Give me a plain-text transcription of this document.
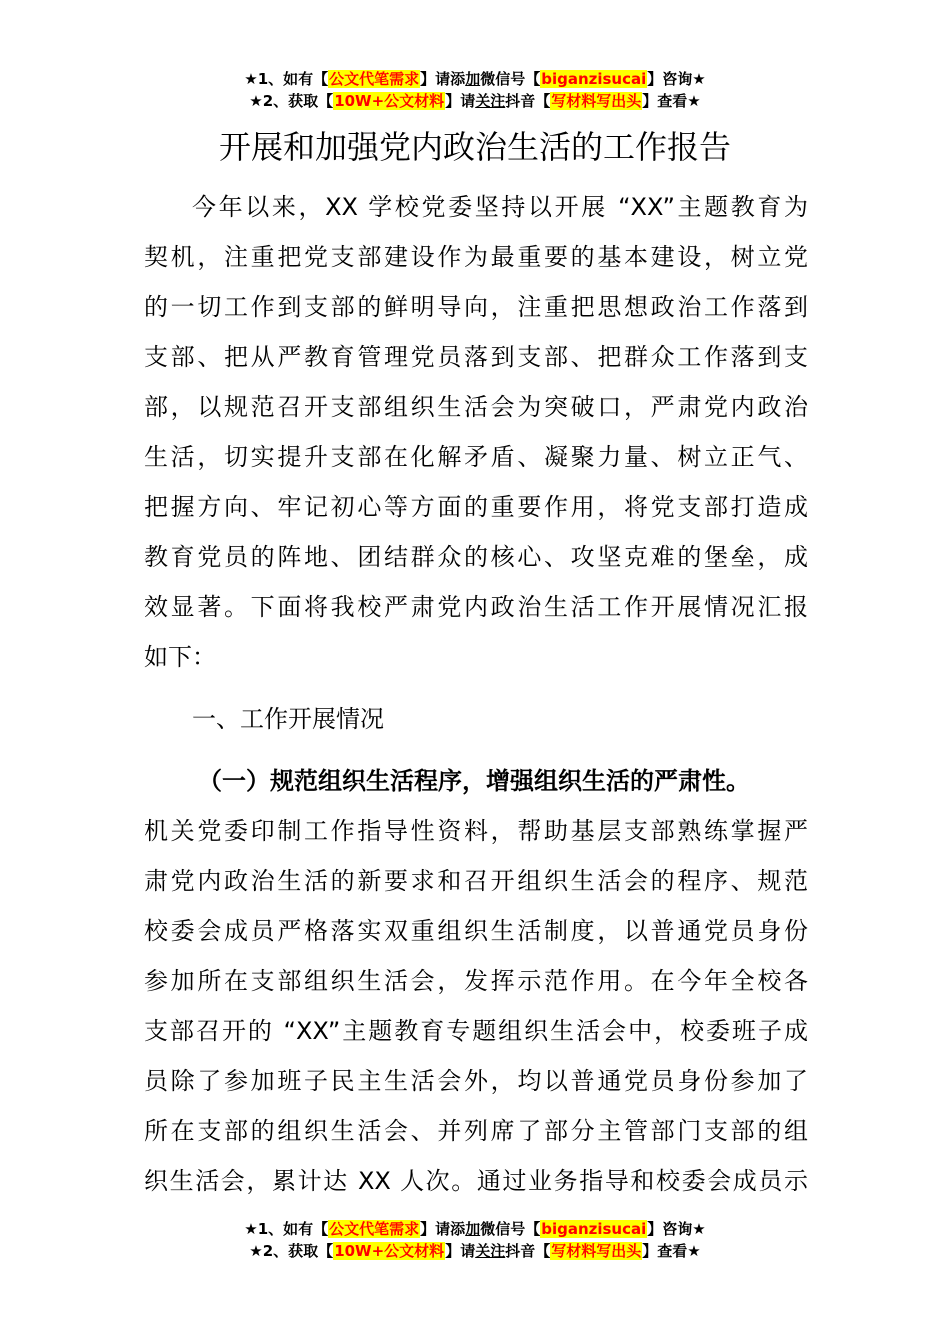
★1、如有【公文代笔需求】请添加微信号【biganzisucai】咨询★
★2、获取【10W+公文材料】请关注抖音【写材料写出头】查看★
开展和加强党内政治生活的工作报告
今年以来，XX 学校党委坚持以开展 “XX”主题教育为
契机，注重把党支部建设作为最重要的基本建设，树立党
的一切工作到支部的鲜明导向，注重把思想政治工作落到
支部、把从严教育管理党员落到支部、把群众工作落到支
部，以规范召开支部组织生活会为突破口，严肃党内政治
生活，切实提升支部在化解矛盾、凝聚力量、树立正气、
把握方向、牢记初心等方面的重要作用，将党支部打造成
教育党员的阵地、团结群众的核心、攻坚克难的堡垒，成
效显著。下面将我校严肃党内政治生活工作开展情况汇报
如下：
一、工作开展情况
（一）规范组织生活程序，增强组织生活的严肃性。
机关党委印制工作指导性资料，帮助基层支部熟练掌握严
肃党内政治生活的新要求和召开组织生活会的程序、规范
校委会成员严格落实双重组织生活制度，以普通党员身份
参加所在支部组织生活会，发挥示范作用。在今年全校各
支部召开的 “XX”主题教育专题组织生活会中，校委班子成
员除了参加班子民主生活会外，均以普通党员身份参加了
所在支部的组织生活会、并列席了部分主管部门支部的组
织生活会，累计达 XX 人次。通过业务指导和校委会成员示
★1、如有【公文代笔需求】请添加微信号【biganzisucai】咨询★
★2、获取【10W+公文材料】请关注抖音【写材料写出头】查看★
